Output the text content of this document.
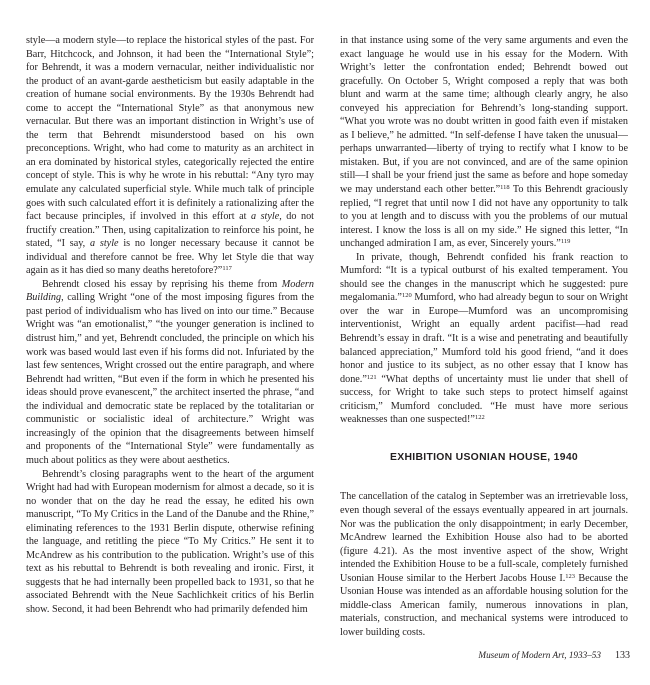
style—a modern style—to replace the historical styles of the past. For Barr, Hitchcock, and Johnson, it had been the “International Style”; for Behrendt, it was a modern vernacular, neither individualistic nor the product of an avant-garde aestheticism but easily adaptable in the creation of humane social environments. By the 1930s Behrendt had come to accept the “International Style” as that anonymous new vernacular. But there was an important distinction in Wright’s use of the term that Behrendt misunderstood based on his own preconceptions. Wright, who had come to maturity as an architect in an era dominated by historical styles, categorically rejected the entire concept of style. This is why he wrote in his rebuttal: “Any tyro may emulate any calculated superficial style. While much talk of principle goes with such calculated effort it is definitely a rationalizing after the fact because principles, if involved in this effort at a style, do not fructify creation.” Then, using capitalization to reinforce his point, he stated, “I say, a style is no longer necessary because it cannot be individual and therefore cannot be free. Why let Style die that way again as it has died so many deaths heretofore?”$^{117}$

Behrendt closed his essay by reprising his theme from Modern Building, calling Wright “one of the most imposing figures from the past period of individualism who has lived on into our time.” Because Wright was “an emotionalist,” “the younger generation is inclined to distrust him,” and yet, Behrendt concluded, the principle on which his work was based would last even if his forms did not. Infuriated by the last few sentences, Wright crossed out the entire paragraph, and where Behrendt had written, “But even if the form in which he presented his ideas should prove evanescent,” the architect inserted the phrase, “and the individual and democratic state be replaced by the totalitarian or communistic or socialistic ideal of architecture.” Wright was increasingly of the opinion that the disagreements between himself and proponents of the “International Style” were fundamentally as much about politics as they were about aesthetics.

Behrendt’s closing paragraphs went to the heart of the argument Wright had had with European modernism for almost a decade, so it is no wonder that on the day he read the essay, he edited his own manuscript, “To My Critics in the Land of the Danube and the Rhine,” eliminating references to the 1931 Berlin dispute, otherwise refining the language, and retitling the piece “To My Critics.” He sent it to McAndrew as his contribution to the publication. Wright’s use of this text as his rebuttal to Behrendt is both revealing and ironic. First, it suggests that he had internally been propelled back to 1931, so that he associated Behrendt with the Neue Sachlichkeit critics of his Berlin show. Second, it had been Behrendt who had primarily defended him

in that instance using some of the very same arguments and even the exact language he would use in his essay for the Modern. With Wright’s letter the confrontation ended; Behrendt bowed out gracefully. On October 5, Wright composed a reply that was both blunt and warm at the same time; although clearly angry, he also conveyed his appreciation for Behrendt’s long-standing support. “What you wrote was no doubt written in good faith even if mistaken as I believe,” he admitted. “In self-defense I have taken the unusual—perhaps unwarranted—liberty of trying to rectify what I know to be mistaken. But, if you are not convinced, and are of the same opinion still—I shall be your friend just the same as before and hope someday we may understand each other better.”$^{118}$ To this Behrendt graciously replied, “I regret that until now I did not have any opportunity to talk to you at length and to discuss with you the problems of our mutual interest. I know the loss is all on my side.” He signed this letter, “In unchanged admiration I am, as ever, Sincerely yours.”$^{119}$

In private, though, Behrendt confided his frank reaction to Mumford: “It is a typical outburst of his exalted temperament. You should see the changes in the manuscript which he suggested: pure megalomania.”$^{120}$ Mumford, who had already begun to sour on Wright over the war in Europe—Mumford was an uncompromising interventionist, Wright an equally ardent pacifist—had read Behrendt’s essay in draft. “It is a wise and penetrating and beautifully balanced appreciation,” Mumford told his good friend, “and it does honor and justice to its subject, as no other essay that I know has done.”$^{121}$ “What depths of uncertainty must lie under that shell of success, for Wright to take such steps to protect himself against criticism,” Mumford concluded. “He must have more serious weaknesses than one suspected!”$^{122}$

EXHIBITION USONIAN HOUSE, 1940

The cancellation of the catalog in September was an irretrievable loss, even though several of the essays eventually appeared in art journals. Nor was the publication the only disappointment; in early December, McAndrew learned the Exhibition House also had to be aborted (figure 4.21). As the most inventive aspect of the show, Wright intended the Exhibition House to be a full-scale, completely furnished Usonian House similar to the Herbert Jacobs House I.$^{123}$ Because the Usonian House was intended as an affordable housing solution for the middle-class American family, numerous innovations in plan, materials, construction, and mechanical systems were introduced to lower building costs.

Museum of Modern Art, 1933–53 133
